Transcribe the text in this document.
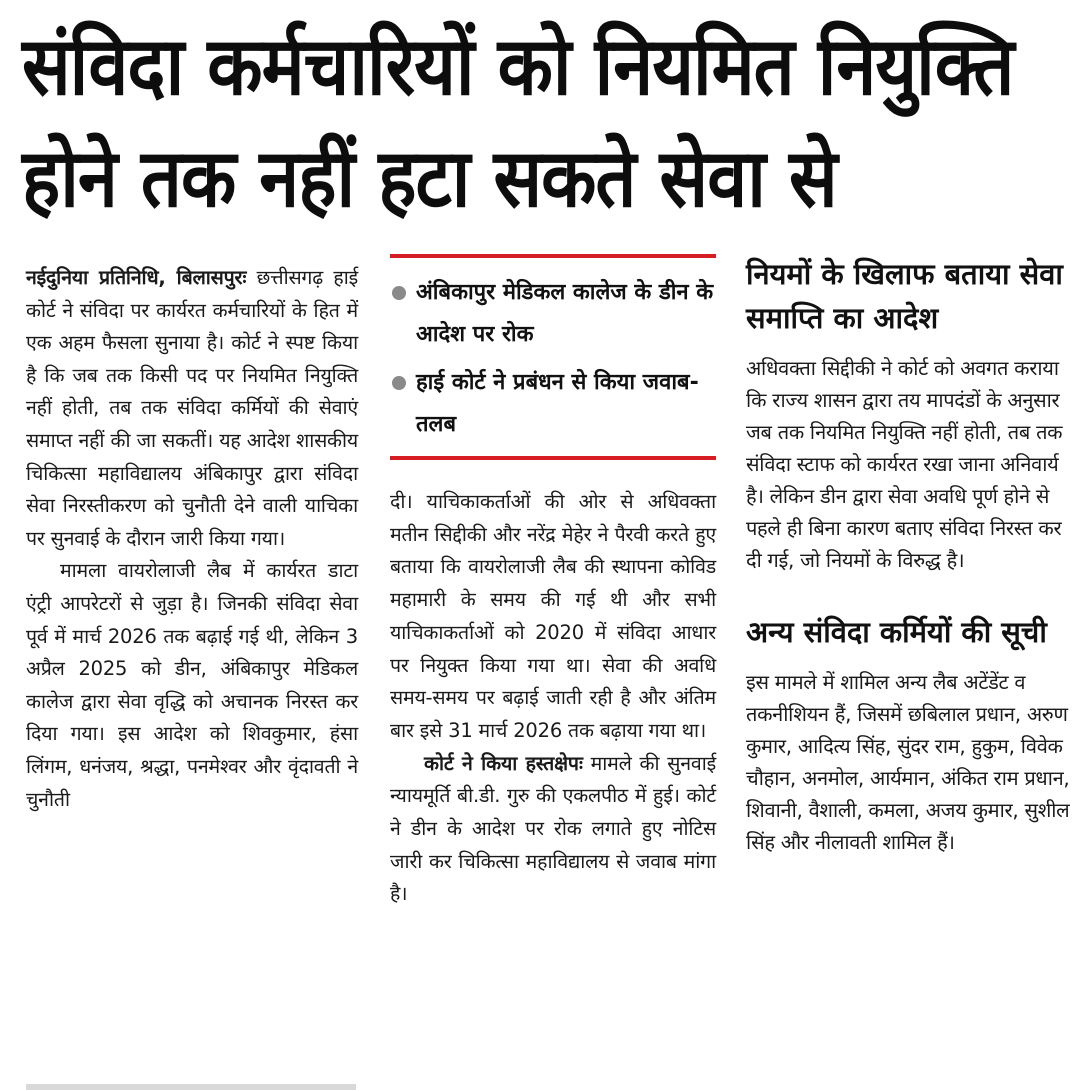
संविदा कर्मचारियों को नियमित नियुक्ति
होने तक नहीं हटा सकते सेवा से

नईदुनिया प्रतिनिधि, बिलासपुरः छत्तीसगढ़ हाई कोर्ट ने संविदा पर कार्यरत कर्मचारियों के हित में एक अहम फैसला सुनाया है। कोर्ट ने स्पष्ट किया है कि जब तक किसी पद पर नियमित नियुक्ति नहीं होती, तब तक संविदा कर्मियों की सेवाएं समाप्त नहीं की जा सकतीं। यह आदेश शासकीय चिकित्सा महाविद्यालय अंबिकापुर द्वारा संविदा सेवा निरस्तीकरण को चुनौती देने वाली याचिका पर सुनवाई के दौरान जारी किया गया।

मामला वायरोलाजी लैब में कार्यरत डाटा एंट्री आपरेटरों से जुड़ा है। जिनकी संविदा सेवा पूर्व में मार्च 2026 तक बढ़ाई गई थी, लेकिन 3 अप्रैल 2025 को डीन, अंबिकापुर मेडिकल कालेज द्वारा सेवा वृद्धि को अचानक निरस्त कर दिया गया। इस आदेश को शिवकुमार, हंसा लिंगम, धनंजय, श्रद्धा, पनमेश्वर और वृंदावती ने चुनौती

अंबिकापुर मेडिकल कालेज के डीन के आदेश पर रोक
हाई कोर्ट ने प्रबंधन से किया जवाब-तलब

दी। याचिकाकर्ताओं की ओर से अधिवक्ता मतीन सिद्दीकी और नरेंद्र मेहेर ने पैरवी करते हुए बताया कि वायरोलाजी लैब की स्थापना कोविड महामारी के समय की गई थी और सभी याचिकाकर्ताओं को 2020 में संविदा आधार पर नियुक्त किया गया था। सेवा की अवधि समय-समय पर बढ़ाई जाती रही है और अंतिम बार इसे 31 मार्च 2026 तक बढ़ाया गया था।

कोर्ट ने किया हस्तक्षेपः मामले की सुनवाई न्यायमूर्ति बी.डी. गुरु की एकलपीठ में हुई। कोर्ट ने डीन के आदेश पर रोक लगाते हुए नोटिस जारी कर चिकित्सा महाविद्यालय से जवाब मांगा है।

नियमों के खिलाफ बताया सेवा समाप्ति का आदेश

अधिवक्ता सिद्दीकी ने कोर्ट को अवगत कराया कि राज्य शासन द्वारा तय मापदंडों के अनुसार जब तक नियमित नियुक्ति नहीं होती, तब तक संविदा स्टाफ को कार्यरत रखा जाना अनिवार्य है। लेकिन डीन द्वारा सेवा अवधि पूर्ण होने से पहले ही बिना कारण बताए संविदा निरस्त कर दी गई, जो नियमों के विरुद्ध है।

अन्य संविदा कर्मियों की सूची

इस मामले में शामिल अन्य लैब अटेंडेंट व तकनीशियन हैं, जिसमें छबिलाल प्रधान, अरुण कुमार, आदित्य सिंह, सुंदर राम, हुकुम, विवेक चौहान, अनमोल, आर्यमान, अंकित राम प्रधान, शिवानी, वैशाली, कमला, अजय कुमार, सुशील सिंह और नीलावती शामिल हैं।
